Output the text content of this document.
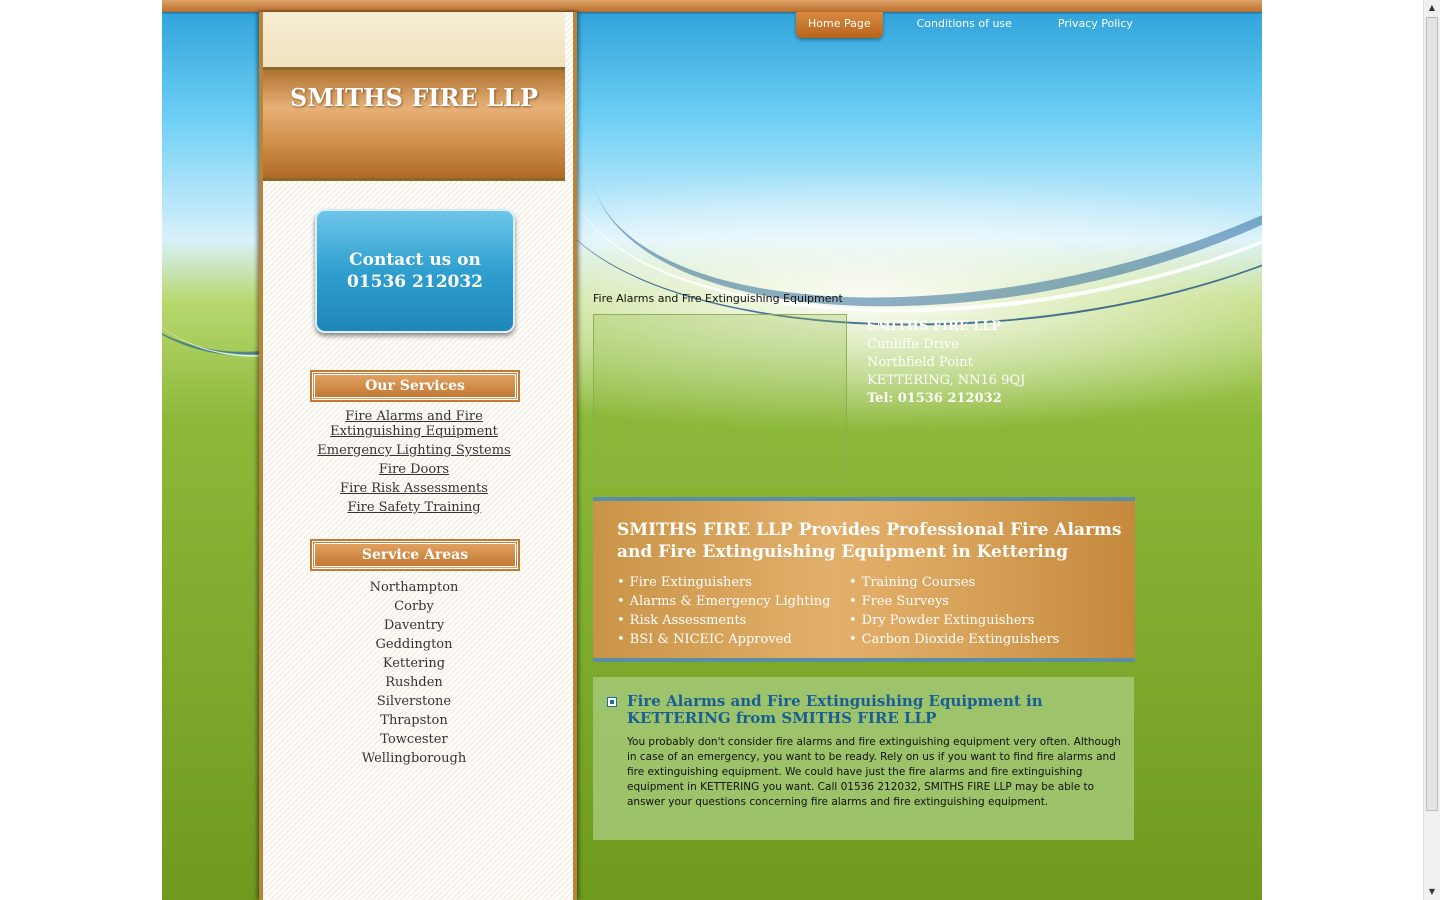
Home Page	Conditions of use	Privacy Policy
SMITHS FIRE LLP
Contact us on
01536 212032
Our Services
Fire Alarms and Fire Extinguishing Equipment
Emergency Lighting Systems
Fire Doors
Fire Risk Assessments
Fire Safety Training
Service Areas
Northampton
Corby
Daventry
Geddington
Kettering
Rushden
Silverstone
Thrapston
Towcester
Wellingborough
Fire Alarms and Fire Extinguishing Equipment
SMITHS FIRE LLP
Cunliffe Drive
Northfield Point
KETTERING, NN16 9QJ
Tel: 01536 212032
SMITHS FIRE LLP Provides Professional Fire Alarms and Fire Extinguishing Equipment in Kettering
• Fire Extinguishers
• Alarms & Emergency Lighting
• Risk Assessments
• BSI & NICEIC Approved
• Training Courses
• Free Surveys
• Dry Powder Extinguishers
• Carbon Dioxide Extinguishers
Fire Alarms and Fire Extinguishing Equipment in KETTERING from SMITHS FIRE LLP

You probably don't consider fire alarms and fire extinguishing equipment very often. Although in case of an emergency, you want to be ready. Rely on us if you want to find fire alarms and fire extinguishing equipment. We could have just the fire alarms and fire extinguishing equipment in KETTERING you want. Call 01536 212032, SMITHS FIRE LLP may be able to answer your questions concerning fire alarms and fire extinguishing equipment.

▲
▼
